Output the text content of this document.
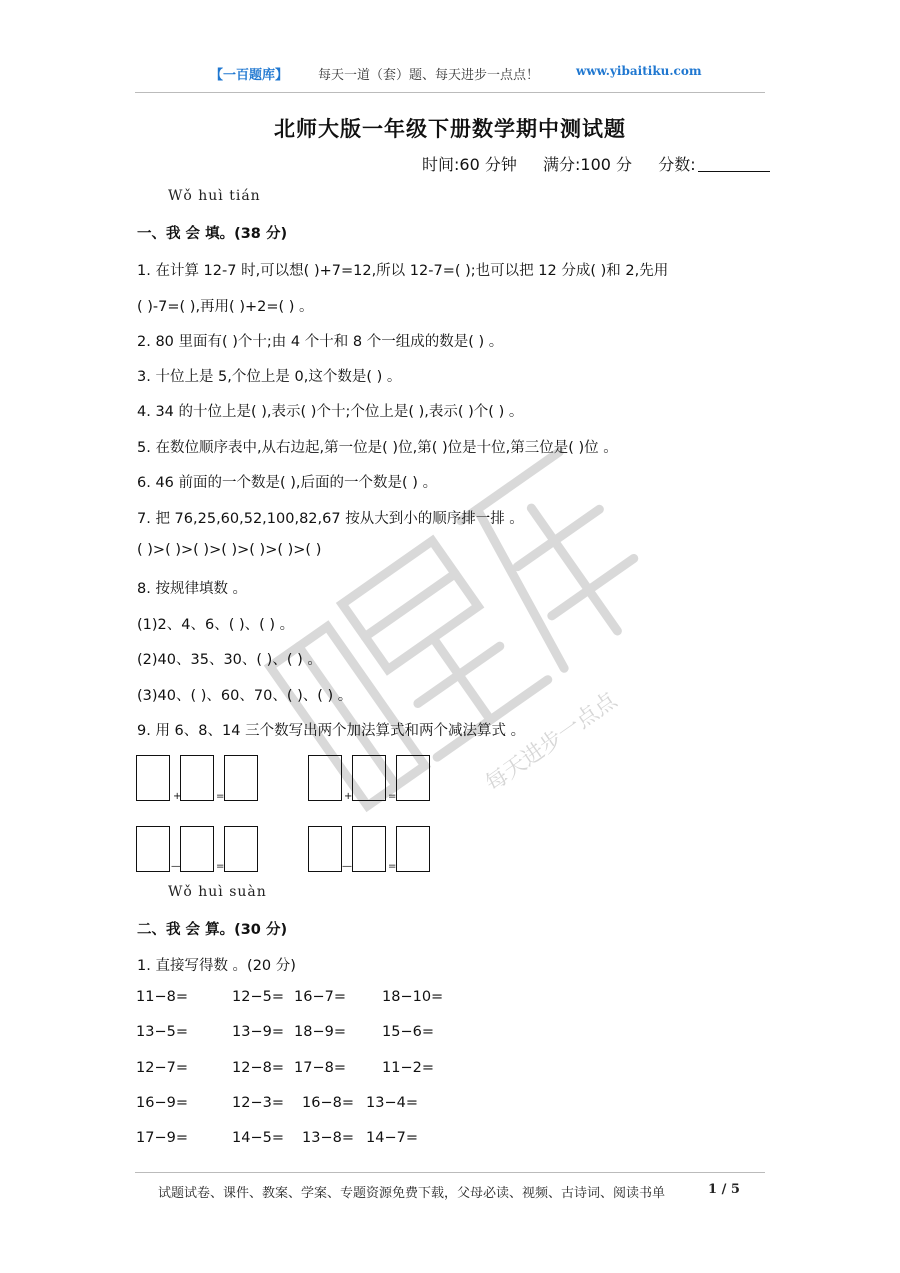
【一百题库】 每天一道（套）题、每天进步一点点！	www.yibaitiku.com
北师大版一年级下册数学期中测试题
时间:60 分钟 满分:100 分 分数:
每天进步一点点
Wǒ huì tián
一、我 会 填。(38 分)
1. 在计算 12-7 时,可以想( )+7=12,所以 12-7=( );也可以把 12 分成( )和 2,先用
( )-7=( ),再用( )+2=( ) 。
2. 80 里面有( )个十;由 4 个十和 8 个一组成的数是( ) 。
3. 十位上是 5,个位上是 0,这个数是( ) 。
4. 34 的十位上是( ),表示( )个十;个位上是( ),表示( )个( ) 。
5. 在数位顺序表中,从右边起,第一位是( )位,第( )位是十位,第三位是( )位 。
6. 46 前面的一个数是( ),后面的一个数是( ) 。
7. 把 76,25,60,52,100,82,67 按从大到小的顺序排一排 。
( )>( )>( )>( )>( )>( )>( )
8. 按规律填数 。
(1)2、4、6、( )、( ) 。
(2)40、35、30、( )、( ) 。
(3)40、( )、60、70、( )、( ) 。
9. 用 6、8、14 三个数写出两个加法算式和两个减法算式 。
+	=	+	=
—	=	—	=
Wǒ huì suàn
二、我 会 算。(30 分)
1. 直接写得数 。(20 分)
11−8=	12−5= 16−7= 18−10=
13−5=	13−9= 18−9= 15−6=
12−7=	12−8= 17−8= 11−2=
16−9=	12−3= 16−8= 13−4=
17−9=	14−5= 13−8= 14−7=
试题试卷、课件、教案、学案、专题资源免费下载，父母必读、视频、古诗词、阅读书单	1 / 5
